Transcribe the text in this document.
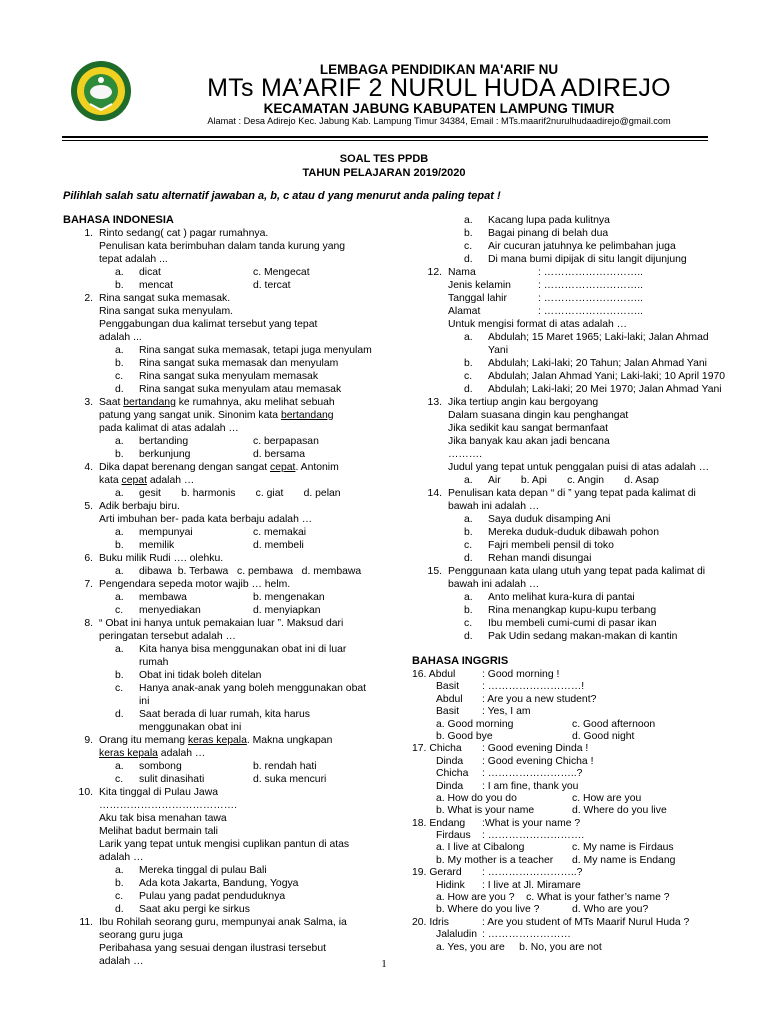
LEMBAGA PENDIDIKAN MA'ARIF NU
MTs MA’ARIF 2 NURUL HUDA ADIREJO
KECAMATAN JABUNG KABUPATEN LAMPUNG TIMUR
Alamat : Desa Adirejo Kec. Jabung Kab. Lampung Timur 34384, Email : MTs.maarif2nurulhudaadirejo@gmail.com
SOAL TES PPDB
TAHUN PELAJARAN 2019/2020
Pilihlah salah satu alternatif jawaban a, b, c atau d yang menurut anda paling tepat !
BAHASA INDONESIA
1. Rinto sedang( cat ) pagar rumahnya.
Penulisan kata berimbuhan dalam tanda kurung yang
tepat adalah ...
a. dicat	c. Mengecat
b. mencat	d. tercat
2. Rina sangat suka memasak.
Rina sangat suka menyulam.
Penggabungan dua kalimat tersebut yang tepat
adalah ...
a. Rina sangat suka memasak, tetapi juga menyulam
b. Rina sangat suka memasak dan menyulam
c. Rina sangat suka menyulam memasak
d. Rina sangat suka menyulam atau memasak
3. Saat bertandang ke rumahnya, aku melihat sebuah
patung yang sangat unik. Sinonim kata bertandang
pada kalimat di atas adalah …
a. bertanding	c. berpapasan
b. berkunjung	d. bersama
4. Dika dapat berenang dengan sangat cepat. Antonim
kata cepat adalah …
a. gesit       b. harmonis       c. giat       d. pelan
5. Adik berbaju biru.
Arti imbuhan ber- pada kata berbaju adalah …
a. mempunyai	c. memakai
b. memilik	d. membeli
6. Buku milik Rudi …. olehku.
a. dibawa  b. Terbawa   c. pembawa   d. membawa
7. Pengendara sepeda motor wajib … helm.
a. membawa	b. mengenakan
c. menyediakan	d. menyiapkan
8. “ Obat ini hanya untuk pemakaian luar ”. Maksud dari
peringatan tersebut adalah …
a. Kita hanya bisa menggunakan obat ini di luar
rumah
b. Obat ini tidak boleh ditelan
c. Hanya anak-anak yang boleh menggunakan obat
ini
d. Saat berada di luar rumah, kita harus
menggunakan obat ini
9. Orang itu memang keras kepala. Makna ungkapan
keras kepala adalah …
a. sombong	b. rendah hati
c. sulit dinasihati	d. suka mencuri
10. Kita tinggal di Pulau Jawa
………………………………….
Aku tak bisa menahan tawa
Melihat badut bermain tali
Larik yang tepat untuk mengisi cuplikan pantun di atas
adalah …
a. Mereka tinggal di pulau Bali
b. Ada kota Jakarta, Bandung, Yogya
c. Pulau yang padat penduduknya
d. Saat aku pergi ke sirkus
11. Ibu Rohilah seorang guru, mempunyai anak Salma, ia
seorang guru juga
Peribahasa yang sesuai dengan ilustrasi tersebut
adalah …
a. Kacang lupa pada kulitnya
b. Bagai pinang di belah dua
c. Air cucuran jatuhnya ke pelimbahan juga
d. Di mana bumi dipijak di situ langit dijunjung
12. Nama	: ………………………..
Jenis kelamin	: ………………………..
Tanggal lahir	: ………………………..
Alamat	: ………………………..
Untuk mengisi format di atas adalah …
a. Abdulah; 15 Maret 1965; Laki-laki; Jalan Ahmad
Yani
b. Abdulah; Laki-laki; 20 Tahun; Jalan Ahmad Yani
c. Abdulah; Jalan Ahmad Yani; Laki-laki; 10 April 1970
d. Abdulah; Laki-laki; 20 Mei 1970; Jalan Ahmad Yani
13. Jika tertiup angin kau bergoyang
Dalam suasana dingin kau penghangat
Jika sedikit kau sangat bermanfaat
Jika banyak kau akan jadi bencana
……….
Judul yang tepat untuk penggalan puisi di atas adalah …
a. Air       b. Api       c. Angin       d. Asap
14. Penulisan kata depan “ di ” yang tepat pada kalimat di
bawah ini adalah …
a. Saya duduk disamping Ani
b. Mereka duduk-duduk dibawah pohon
c. Fajri membeli pensil di toko
d. Rehan mandi disungai
15. Penggunaan kata ulang utuh yang tepat pada kalimat di
bawah ini adalah …
a. Anto melihat kura-kura di pantai
b. Rina menangkap kupu-kupu terbang
c. Ibu membeli cumi-cumi di pasar ikan
d. Pak Udin sedang makan-makan di kantin
BAHASA INGGRIS
16. Abdul	: Good morning !
Basit : ………………………!
Abdul : Are you a new student?
Basit : Yes, I am
a. Good morning	c. Good afternoon
b. Good bye	d. Good night
17. Chicha : Good evening Dinda !
Dinda : Good evening Chicha !
Chicha : ……………………..?
Dinda : I am fine, thank you
a. How do you do	c. How are you
b. What is your name	d. Where do you live
18. Endang :What is your name ?
Firdaus : ……………………….
a. I live at Cibalong	c. My name is Firdaus
b. My mother is a teacher d. My name is Endang
19. Gerard : ……………………..?
Hidink : I live at Jl. Miramare
a. How are you ?    c. What is your father’s name ?
b. Where do you live ?	d. Who are you?
20. Idris	: Are you student of MTs Maarif Nurul Huda ?
Jalaludin : ……………………
a. Yes, you are     b. No, you are not
1
